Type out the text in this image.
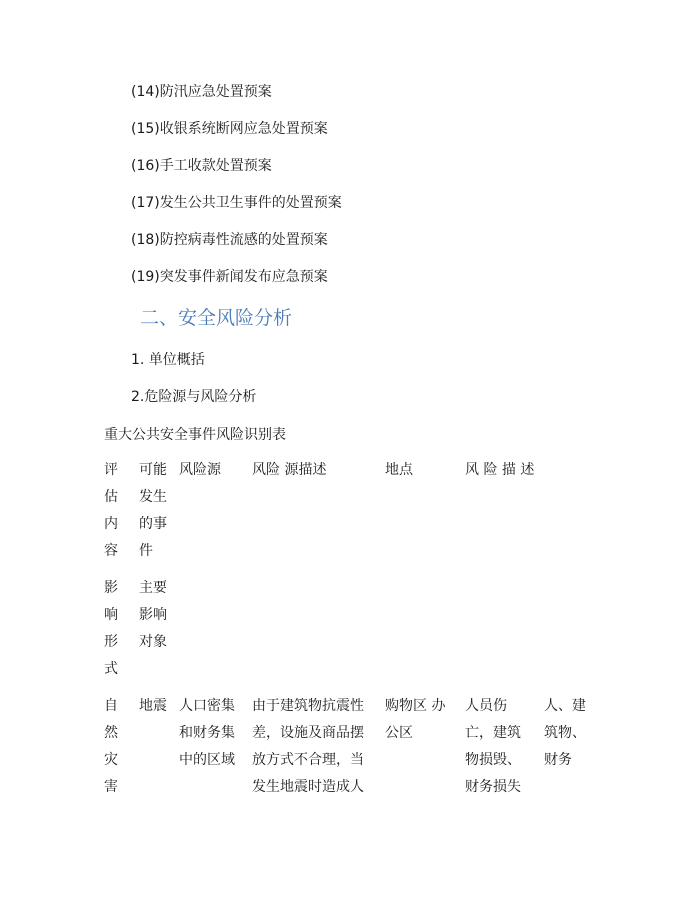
(14)防汛应急处置预案
(15)收银系统断网应急处置预案
(16)手工收款处置预案
(17)发生公共卫生事件的处置预案
(18)防控病毒性流感的处置预案
(19)突发事件新闻发布应急预案
二、安全风险分析
1. 单位概括
2.危险源与风险分析
重大公共安全事件风险识别表
评
估
内
容
可能
发生
的事
件
风险源 风险 源描述	地点	风 险 描 述
影
响
形
式
主要
影响
对象
自
然
灾
害
地震 人口密集
和财务集
中的区域
由于建筑物抗震性
差，设施及商品摆
放方式不合理，当
发生地震时造成人
购物区 办
公区
人员伤
亡，建筑
物损毁、
财务损失
人、建
筑物、
财务
